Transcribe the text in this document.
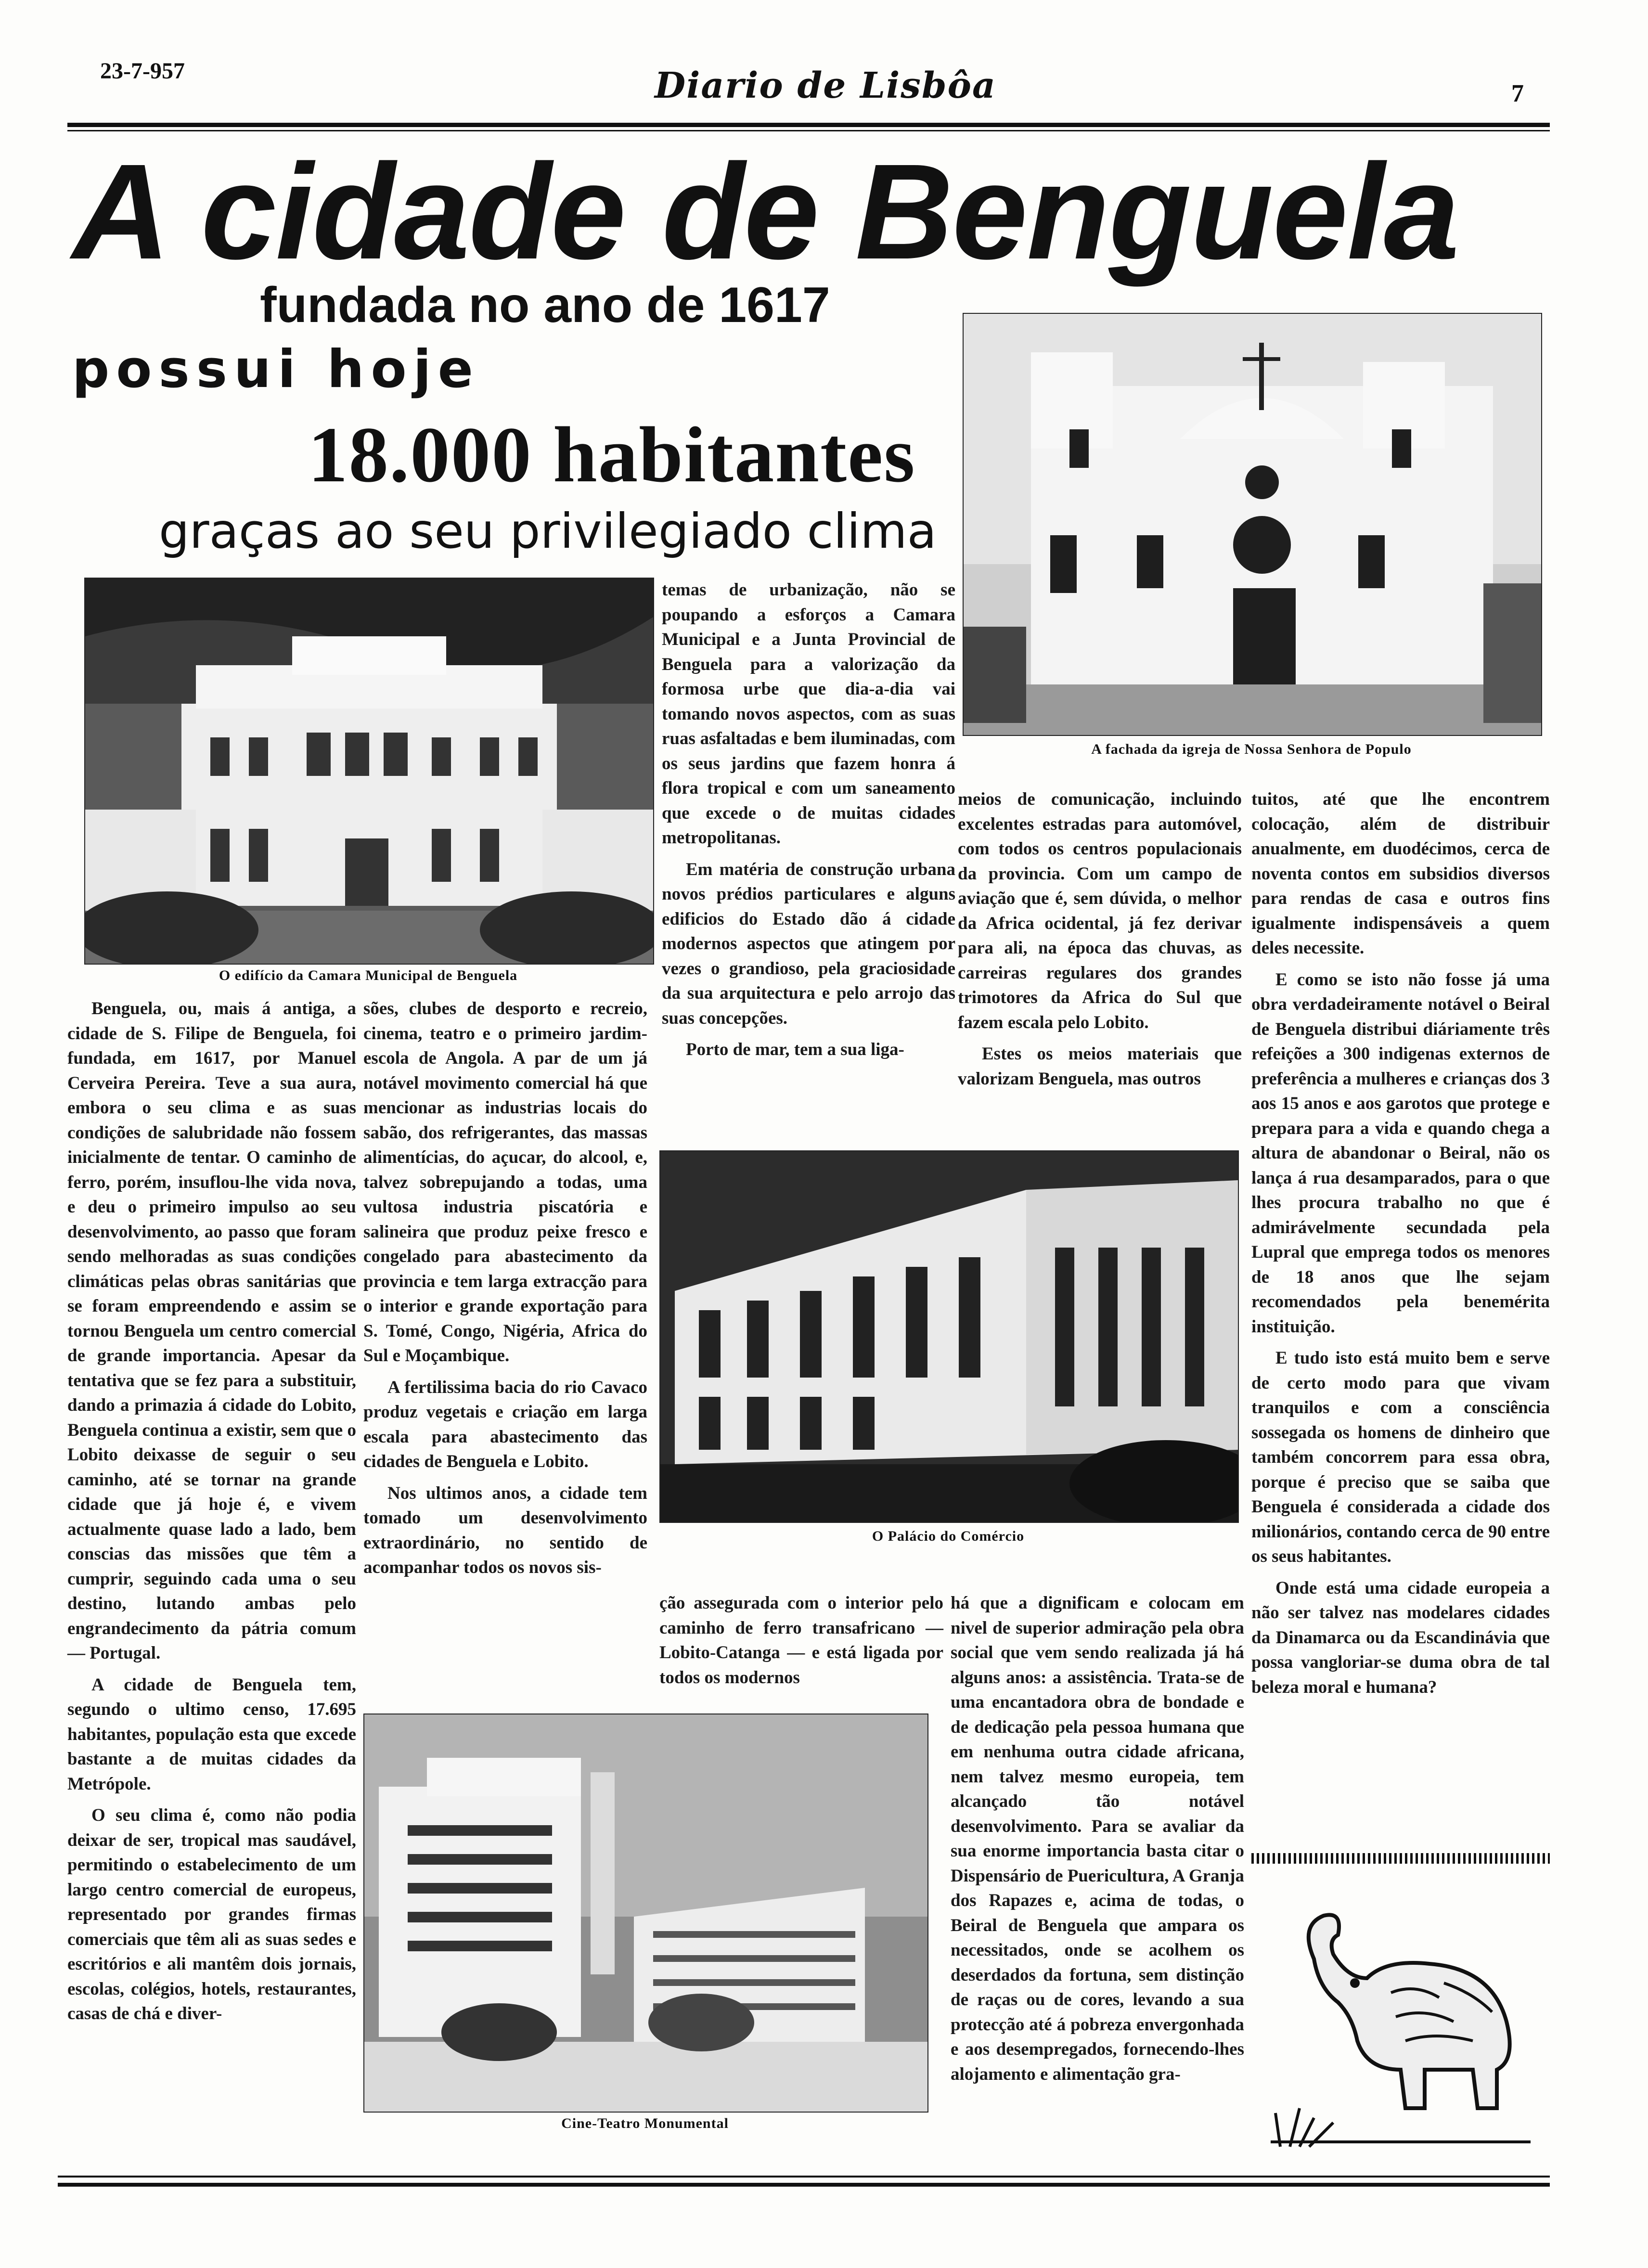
23-7-957	Diario de Lisbôa	7
A cidade de Benguela
fundada no ano de 1617
possui hoje
18.000 habitantes
graças ao seu privilegiado clima
O edifício da Camara Municipal de Benguela
A fachada da igreja de Nossa Senhora de Populo
O Palácio do Comércio
Cine-Teatro Monumental

Benguela, ou, mais á antiga, a cidade de S. Filipe de Benguela, foi fundada, em 1617, por Manuel Cerveira Pereira. Teve a sua aura, embora o seu clima e as suas condições de salubridade não fossem inicialmente de tentar. O caminho de ferro, porém, insuflou-lhe vida nova, e deu o primeiro impulso ao seu desenvolvimento, ao passo que foram sendo melhoradas as suas condições climáticas pelas obras sanitárias que se foram empreendendo e assim se tornou Benguela um centro comercial de grande importancia. Apesar da tentativa que se fez para a substituir, dando a primazia á cidade do Lobito, Benguela continua a existir, sem que o Lobito deixasse de seguir o seu caminho, até se tornar na grande cidade que já hoje é, e vivem actualmente quase lado a lado, bem conscias das missões que têm a cumprir, seguindo cada uma o seu destino, lutando ambas pelo engrandecimento da pátria comum — Portugal.

A cidade de Benguela tem, segundo o ultimo censo, 17.695 habitantes, população esta que excede bastante a de muitas cidades da Metrópole.

O seu clima é, como não podia deixar de ser, tropical mas saudável, permitindo o estabelecimento de um largo centro comercial de europeus, representado por grandes firmas comerciais que têm ali as suas sedes e escritórios e ali mantêm dois jornais, escolas, colégios, hotels, restaurantes, casas de chá e diver-

sões, clubes de desporto e recreio, cinema, teatro e o primeiro jardim-escola de Angola. A par de um já notável movimento comercial há que mencionar as industrias locais do sabão, dos refrigerantes, das massas alimentícias, do açucar, do alcool, e, talvez sobrepujando a todas, uma vultosa industria piscatória e salineira que produz peixe fresco e congelado para abastecimento da provincia e tem larga extracção para o interior e grande exportação para S. Tomé, Congo, Nigéria, Africa do Sul e Moçambique.

A fertilissima bacia do rio Cavaco produz vegetais e criação em larga escala para abastecimento das cidades de Benguela e Lobito.

Nos ultimos anos, a cidade tem tomado um desenvolvimento extraordinário, no sentido de acompanhar todos os novos sis-

temas de urbanização, não se poupando a esforços a Camara Municipal e a Junta Provincial de Benguela para a valorização da formosa urbe que dia-a-dia vai tomando novos aspectos, com as suas ruas asfaltadas e bem iluminadas, com os seus jardins que fazem honra á flora tropical e com um saneamento que excede o de muitas cidades metropolitanas.

Em matéria de construção urbana novos prédios particulares e alguns edificios do Estado dão á cidade modernos aspectos que atingem por vezes o grandioso, pela graciosidade da sua arquitectura e pelo arrojo das suas concepções.

Porto de mar, tem a sua liga-

ção assegurada com o interior pelo caminho de ferro transafricano — Lobito-Catanga — e está ligada por todos os modernos

meios de comunicação, incluindo excelentes estradas para automóvel, com todos os centros populacionais da provincia. Com um campo de aviação que é, sem dúvida, o melhor da Africa ocidental, já fez derivar para ali, na época das chuvas, as carreiras regulares dos grandes trimotores da Africa do Sul que fazem escala pelo Lobito.

Estes os meios materiais que valorizam Benguela, mas outros

há que a dignificam e colocam em nivel de superior admiração pela obra social que vem sendo realizada já há alguns anos: a assistência. Trata-se de uma encantadora obra de bondade e de dedicação pela pessoa humana que em nenhuma outra cidade africana, nem talvez mesmo europeia, tem alcançado tão notável desenvolvimento. Para se avaliar da sua enorme importancia basta citar o Dispensário de Puericultura, A Granja dos Rapazes e, acima de todas, o Beiral de Benguela que ampara os necessitados, onde se acolhem os deserdados da fortuna, sem distinção de raças ou de cores, levando a sua protecção até á pobreza envergonhada e aos desempregados, fornecendo-lhes alojamento e alimentação gra-

tuitos, até que lhe encontrem colocação, além de distribuir anualmente, em duodécimos, cerca de noventa contos em subsidios diversos para rendas de casa e outros fins igualmente indispensáveis a quem deles necessite.

E como se isto não fosse já uma obra verdadeiramente notável o Beiral de Benguela distribui diáriamente três refeições a 300 indigenas externos de preferência a mulheres e crianças dos 3 aos 15 anos e aos garotos que protege e prepara para a vida e quando chega a altura de abandonar o Beiral, não os lança á rua desamparados, para o que lhes procura trabalho no que é admirávelmente secundada pela Lupral que emprega todos os menores de 18 anos que lhe sejam recomendados pela benemérita instituição.

E tudo isto está muito bem e serve de certo modo para que vivam tranquilos e com a consciência sossegada os homens de dinheiro que também concorrem para essa obra, porque é preciso que se saiba que Benguela é considerada a cidade dos milionários, contando cerca de 90 entre os seus habitantes.

Onde está uma cidade europeia a não ser talvez nas modelares cidades da Dinamarca ou da Escandinávia que possa vangloriar-se duma obra de tal beleza moral e humana?
